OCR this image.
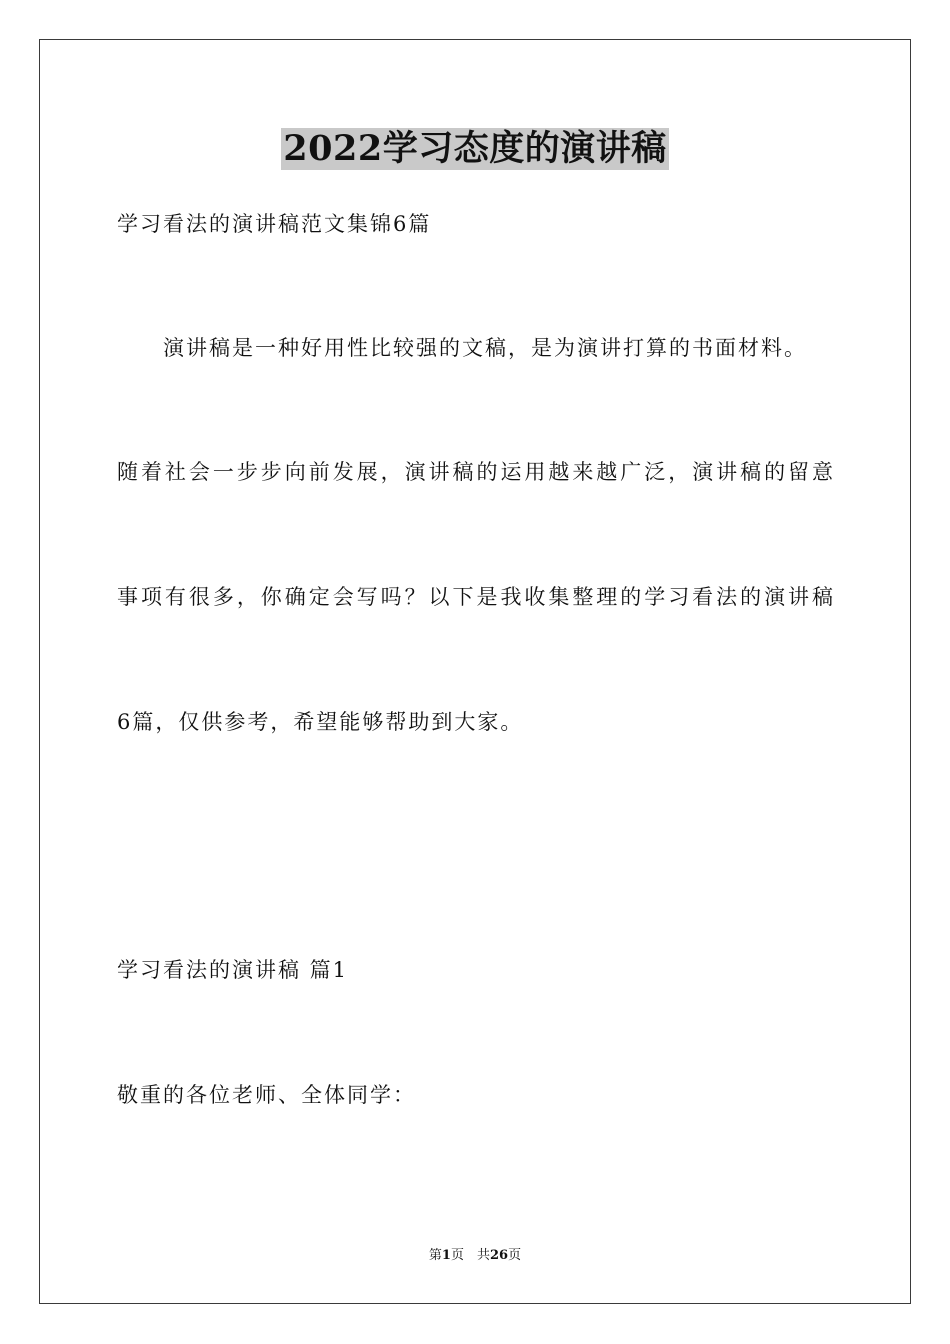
2022学习态度的演讲稿
学习看法的演讲稿范文集锦6篇
演讲稿是一种好用性比较强的文稿，是为演讲打算的书面材料。
随着社会一步步向前发展，演讲稿的运用越来越广泛，演讲稿的留意
事项有很多，你确定会写吗？以下是我收集整理的学习看法的演讲稿
6篇，仅供参考，希望能够帮助到大家。
学习看法的演讲稿 篇1
敬重的各位老师、全体同学：
第1页　共26页
